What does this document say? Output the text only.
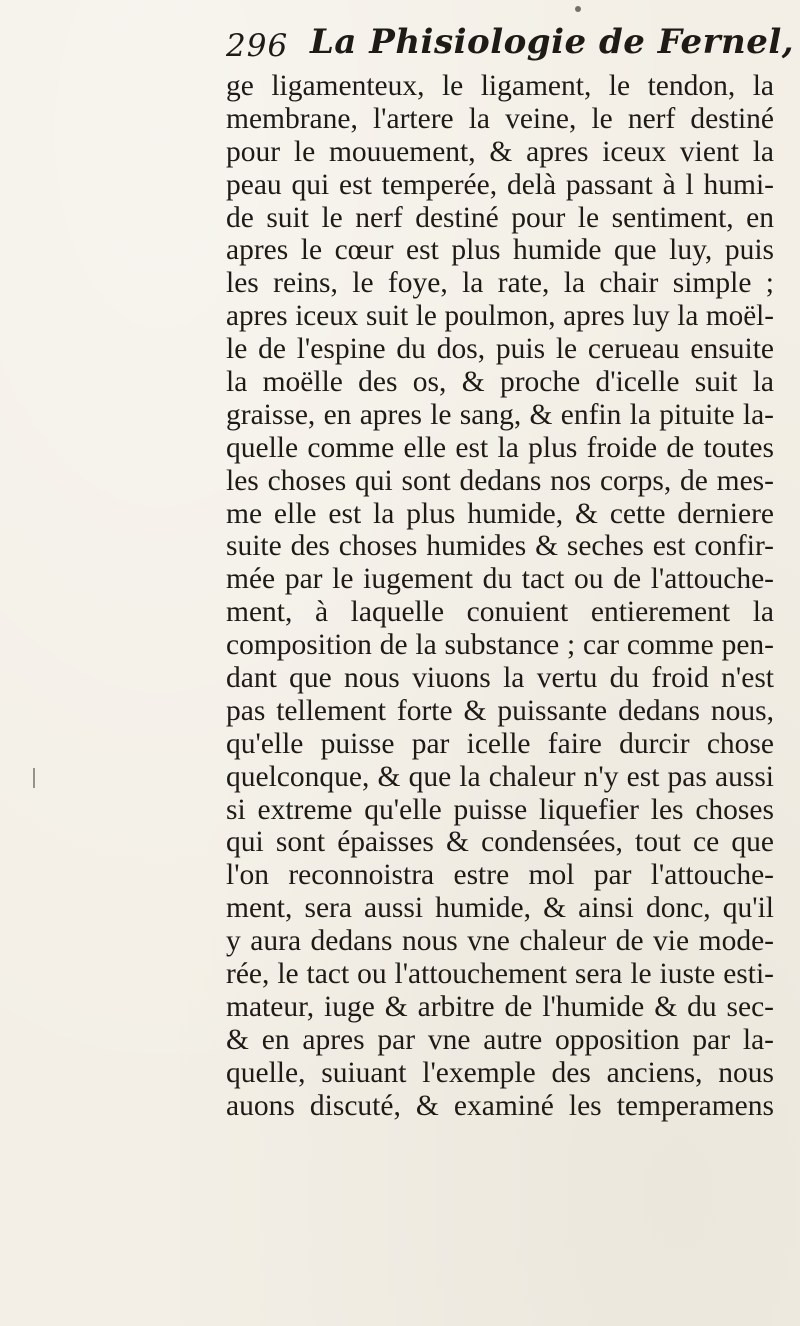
296 La Phisiologie de Fernel,
ge ligamenteux, le ligament, le tendon, la
membrane, l'artere la veine, le nerf destiné
pour le mouuement, & apres iceux vient la
peau qui est temperée, delà passant à l humi-
de suit le nerf destiné pour le sentiment, en
apres le cœur est plus humide que luy, puis
les reins, le foye, la rate, la chair simple ;
apres iceux suit le poulmon, apres luy la moël-
le de l'espine du dos, puis le cerueau ensuite
la moëlle des os, & proche d'icelle suit la
graisse, en apres le sang, & enfin la pituite la-
quelle comme elle est la plus froide de toutes
les choses qui sont dedans nos corps, de mes-
me elle est la plus humide, & cette derniere
suite des choses humides & seches est confir-
mée par le iugement du tact ou de l'attouche-
ment, à laquelle conuient entierement la
composition de la substance ; car comme pen-
dant que nous viuons la vertu du froid n'est
pas tellement forte & puissante dedans nous,
qu'elle puisse par icelle faire durcir chose
quelconque, & que la chaleur n'y est pas aussi
si extreme qu'elle puisse liquefier les choses
qui sont épaisses & condensées, tout ce que
l'on reconnoistra estre mol par l'attouche-
ment, sera aussi humide, & ainsi donc, qu'il
y aura dedans nous vne chaleur de vie mode-
rée, le tact ou l'attouchement sera le iuste esti-
mateur, iuge & arbitre de l'humide & du sec-
& en apres par vne autre opposition par la-
quelle, suiuant l'exemple des anciens, nous
auons discuté, & examiné les temperamens
